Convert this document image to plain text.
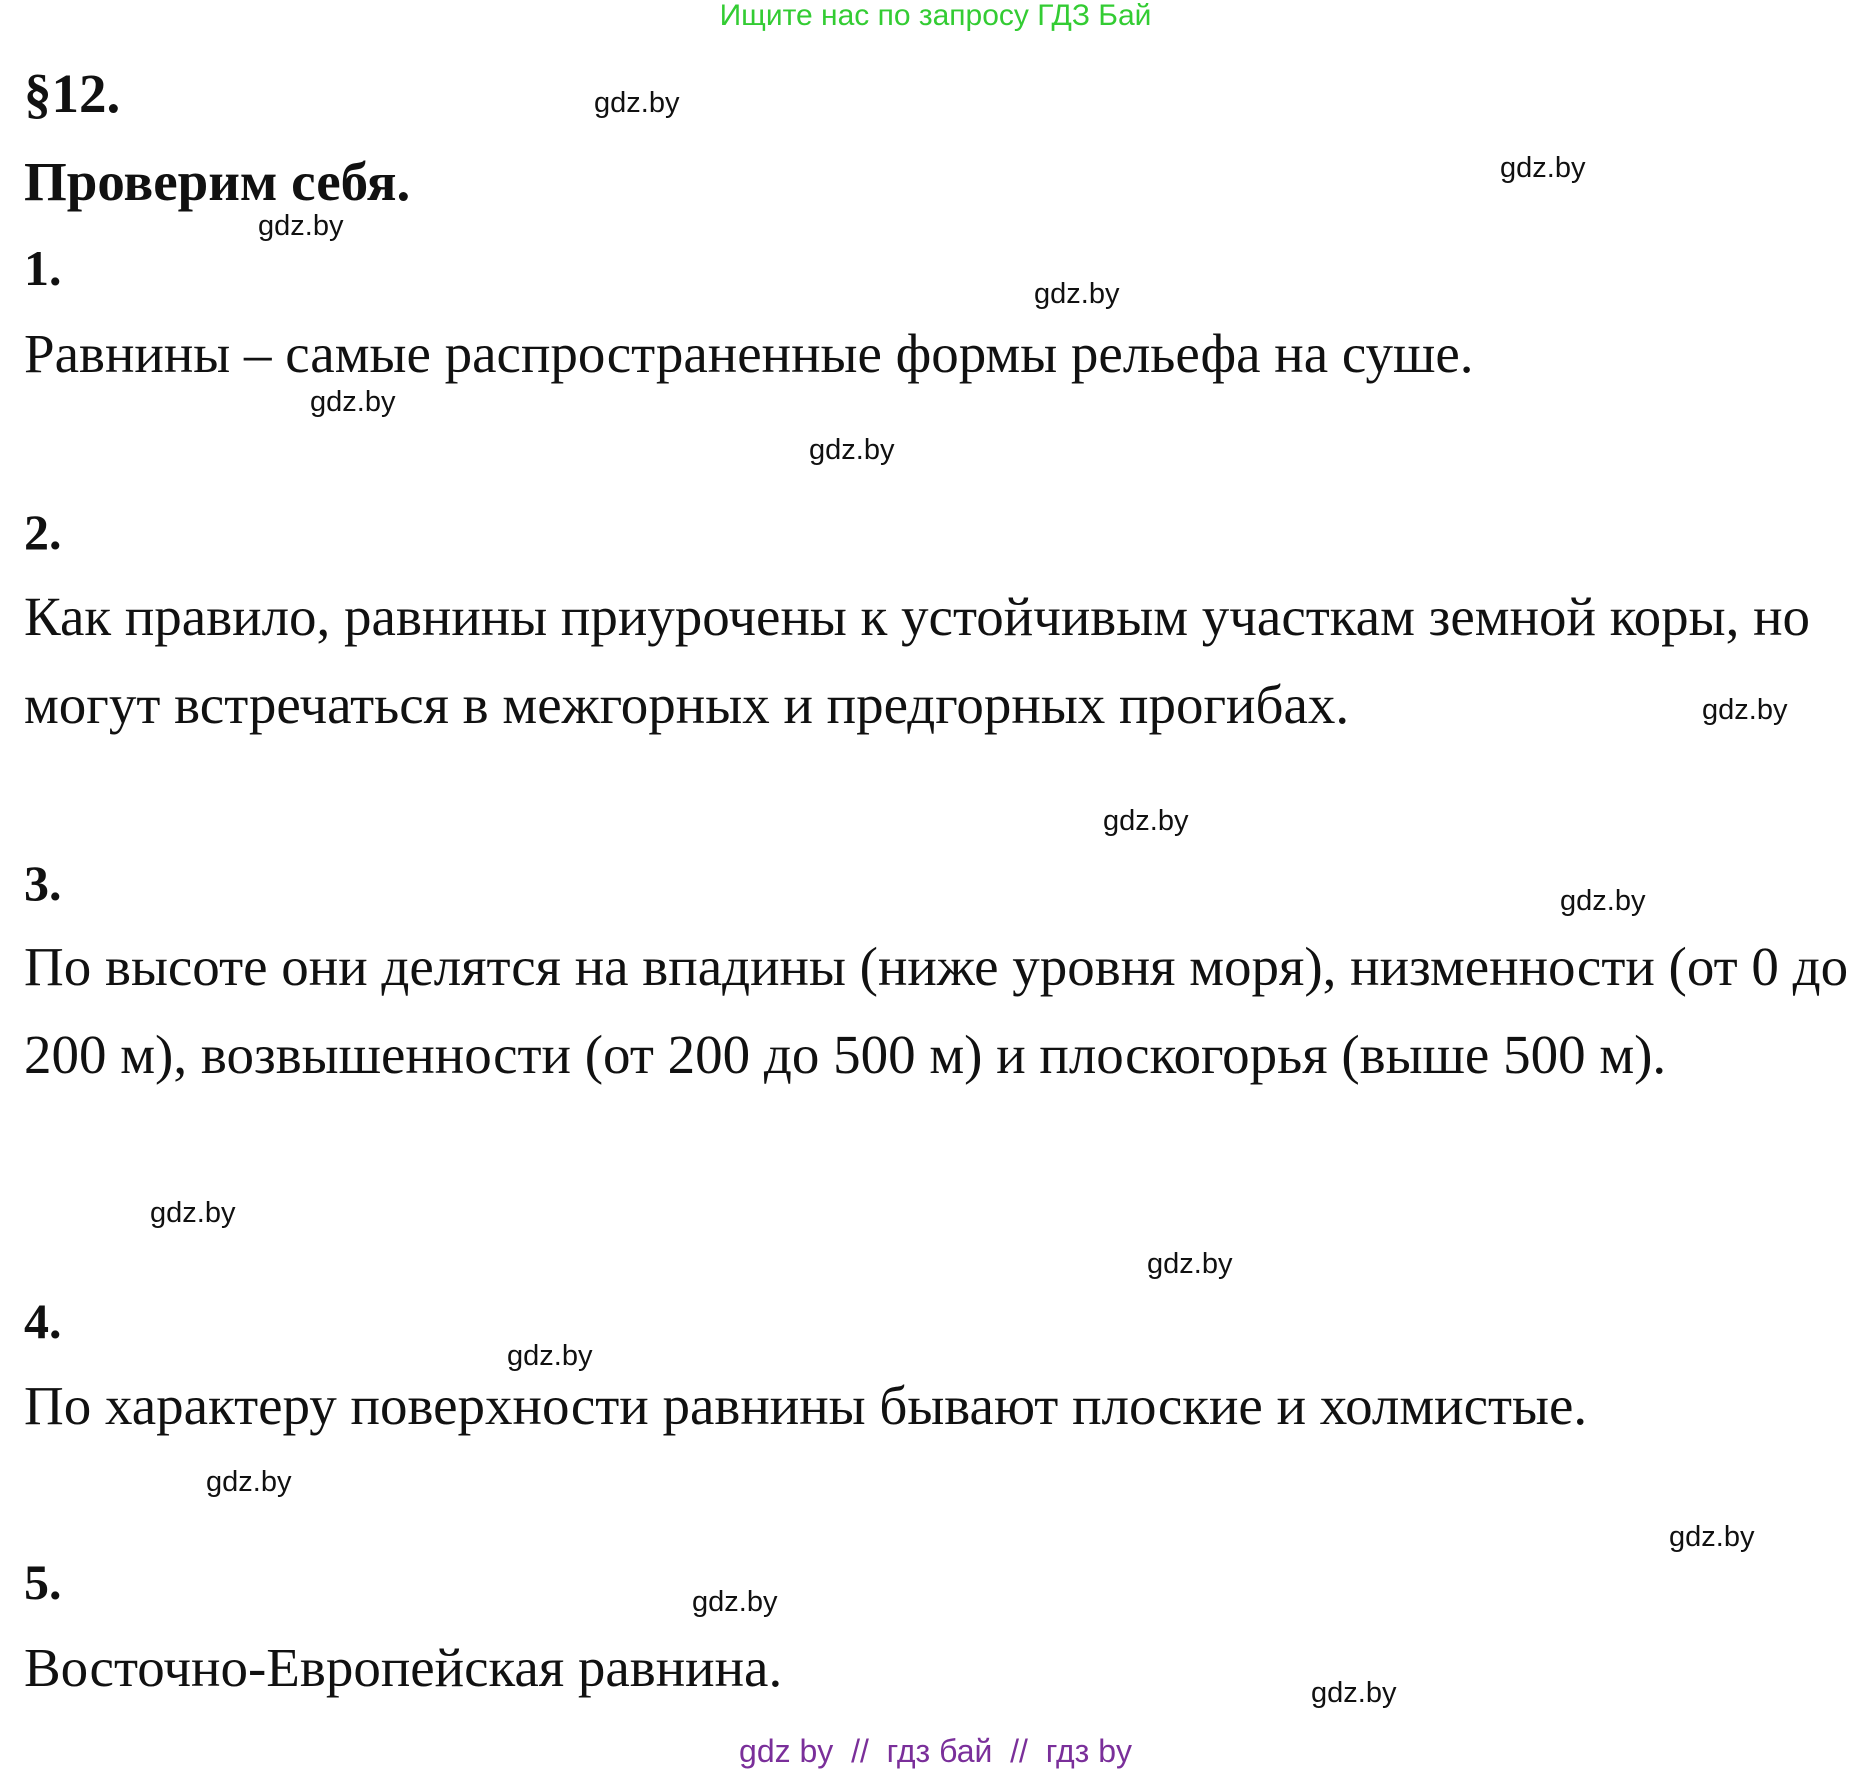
Ищите нас по запросу ГДЗ Бай
§12.
Проверим себя.
1.
Равнины – самые распространенные формы рельефа на суше.
2.
Как правило, равнины приурочены к устойчивым участкам земной коры, но могут встречаться в межгорных и предгорных прогибах.
3.
По высоте они делятся на впадины (ниже уровня моря), низменности (от 0 до 200 м), возвышенности (от 200 до 500 м) и плоскогорья (выше 500 м).
4.
По характеру поверхности равнины бывают плоские и холмистые.
5.
Восточно-Европейская равнина.
gdz.by
gdz.by
gdz.by
gdz.by
gdz.by
gdz.by
gdz.by
gdz.by
gdz.by
gdz.by
gdz.by
gdz.by
gdz.by
gdz.by
gdz.by
gdz.by
gdz by  //  гдз бай  //  гдз by
